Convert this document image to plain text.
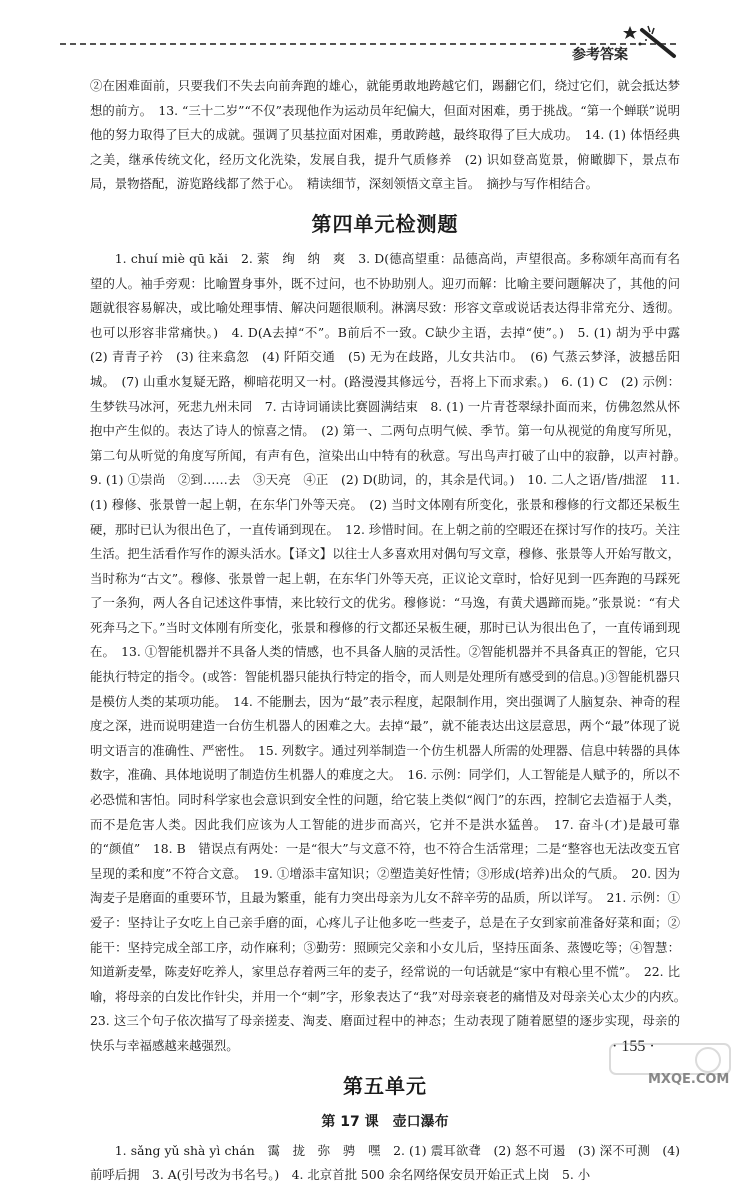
参考答案

②在困难面前，只要我们不失去向前奔跑的雄心，就能勇敢地跨越它们，踢翻它们，绕过它们，就会抵达梦想的前方。　13. “三十二岁”“不仅”表现他作为运动员年纪偏大，但面对困难，勇于挑战。“第一个蝉联”说明他的努力取得了巨大的成就。强调了贝基拉面对困难，勇敢跨越，最终取得了巨大成功。　14. (1) 体悟经典之美，继承传统文化，经历文化洗染，发展自我，提升气质修养　(2) 识如登高览景，俯瞰脚下，景点布局，景物搭配，游览路线都了然于心。　精读细节，深刻领悟文章主旨。　摘抄与写作相结合。

第四单元检测题

1. chuí miè qū kǎi　2. 萦　绚　纳　爽　3. D(德高望重：品德高尚，声望很高。多称颂年高而有名望的人。袖手旁观：比喻置身事外，既不过问，也不协助别人。迎刃而解：比喻主要问题解决了，其他的问题就很容易解决，或比喻处理事情、解决问题很顺利。淋漓尽致：形容文章或说话表达得非常充分、透彻。也可以形容非常痛快。)　4. D(A去掉“不”。B前后不一致。C缺少主语，去掉“使”。)　5. (1) 胡为乎中露　(2) 青青子衿　(3) 往来翕忽　(4) 阡陌交通　(5) 无为在歧路，儿女共沾巾。　(6) 气蒸云梦泽，波撼岳阳城。　(7) 山重水复疑无路，柳暗花明又一村。(路漫漫其修远兮，吾将上下而求索。)　6. (1) C　(2) 示例：生梦铁马冰河，死悲九州未同　7. 古诗词诵读比赛圆满结束　8. (1) 一片青苍翠绿扑面而来，仿佛忽然从怀抱中产生似的。表达了诗人的惊喜之情。　(2) 第一、二两句点明气候、季节。第一句从视觉的角度写所见，第二句从听觉的角度写所闻，有声有色，渲染出山中特有的秋意。写出鸟声打破了山中的寂静，以声衬静。　9. (1) ①崇尚　②到……去　③天亮　④正　(2) D(助词，的，其余是代词。)　10. 二人之语/皆/拙涩　11. (1) 穆修、张景曾一起上朝，在东华门外等天亮。　(2) 当时文体刚有所变化，张景和穆修的行文都还呆板生硬，那时已认为很出色了，一直传诵到现在。　12. 珍惜时间。在上朝之前的空暇还在探讨写作的技巧。关注生活。把生活看作写作的源头活水。【译文】以往士人多喜欢用对偶句写文章，穆修、张景等人开始写散文，当时称为“古文”。穆修、张景曾一起上朝，在东华门外等天亮，正议论文章时，恰好见到一匹奔跑的马踩死了一条狗，两人各自记述这件事情，来比较行文的优劣。穆修说：“马逸，有黄犬遇蹄而毙。”张景说：“有犬死奔马之下。”当时文体刚有所变化，张景和穆修的行文都还呆板生硬，那时已认为很出色了，一直传诵到现在。　13. ①智能机器并不具备人类的情感，也不具备人脑的灵活性。②智能机器并不具备真正的智能，它只能执行特定的指令。(或答：智能机器只能执行特定的指令，而人则是处理所有感受到的信息。)③智能机器只是模仿人类的某项功能。　14. 不能删去，因为“最”表示程度，起限制作用，突出强调了人脑复杂、神奇的程度之深，进而说明建造一台仿生机器人的困难之大。去掉“最”，就不能表达出这层意思，两个“最”体现了说明文语言的准确性、严密性。　15. 列数字。通过列举制造一个仿生机器人所需的处理器、信息中转器的具体数字，准确、具体地说明了制造仿生机器人的难度之大。　16. 示例：同学们，人工智能是人赋予的，所以不必恐慌和害怕。同时科学家也会意识到安全性的问题，给它装上类似“阀门”的东西，控制它去造福于人类，而不是危害人类。因此我们应该为人工智能的进步而高兴，它并不是洪水猛兽。　17. 奋斗(才)是最可靠的“颜值”　18. B　错误点有两处：一是“很大”与文意不符，也不符合生活常理；二是“整容也无法改变五官呈现的柔和度”不符合文意。　19. ①增添丰富知识；②塑造美好性情；③形成(培养)出众的气质。　20. 因为淘麦子是磨面的重要环节，且最为繁重，能有力突出母亲为儿女不辞辛劳的品质，所以详写。　21. 示例：①爱子：坚持让子女吃上自己亲手磨的面，心疼儿子让他多吃一些麦子，总是在子女到家前准备好菜和面；②能干：坚持完成全部工序，动作麻利；③勤劳：照顾完父亲和小女儿后，坚持压面条、蒸馒吃等；④智慧：知道新麦晕，陈麦好吃养人，家里总存着两三年的麦子，经常说的一句话就是“家中有粮心里不慌”。　22. 比喻，将母亲的白发比作针尖，并用一个“刺”字，形象表达了“我”对母亲衰老的痛惜及对母亲关心太少的内疚。　23. 这三个句子依次描写了母亲搓麦、淘麦、磨面过程中的神态；生动表现了随着愿望的逐步实现，母亲的快乐与幸福感越来越强烈。

第五单元
第 17 课　壶口瀑布

1. sǎng yǔ shà yì chán　霭　拢　弥　骋　嘿　2. (1) 震耳欲聋　(2) 怒不可遏　(3) 深不可测　(4) 前呼后拥　3. A(引号改为书名号。)　4. 北京首批 500 余名网络保安员开始正式上岗　5. 小

· 155 ·
MXQE.COM
